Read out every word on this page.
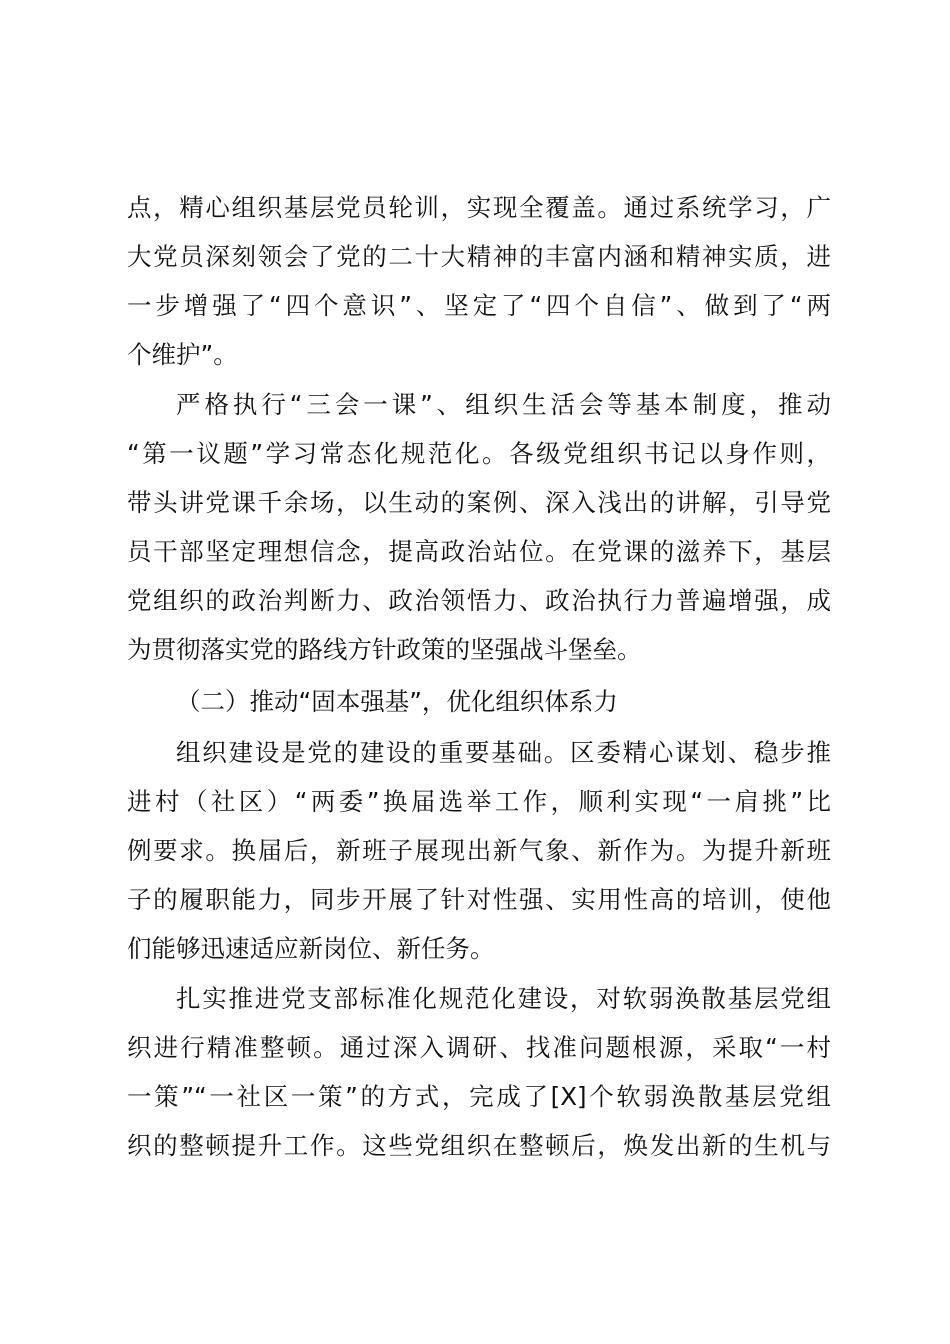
点，精心组织基层党员轮训，实现全覆盖。通过系统学习，广
大党员深刻领会了党的二十大精神的丰富内涵和精神实质，进
一步增强了“四个意识”、坚定了“四个自信”、做到了“两
个维护”。
严格执行“三会一课”、组织生活会等基本制度，推动
“第一议题”学习常态化规范化。各级党组织书记以身作则，
带头讲党课千余场，以生动的案例、深入浅出的讲解，引导党
员干部坚定理想信念，提高政治站位。在党课的滋养下，基层
党组织的政治判断力、政治领悟力、政治执行力普遍增强，成
为贯彻落实党的路线方针政策的坚强战斗堡垒。
（二）推动“固本强基”，优化组织体系力
组织建设是党的建设的重要基础。区委精心谋划、稳步推
进村（社区）“两委”换届选举工作，顺利实现“一肩挑”比
例要求。换届后，新班子展现出新气象、新作为。为提升新班
子的履职能力，同步开展了针对性强、实用性高的培训，使他
们能够迅速适应新岗位、新任务。
扎实推进党支部标准化规范化建设，对软弱涣散基层党组
织进行精准整顿。通过深入调研、找准问题根源，采取“一村
一策”“一社区一策”的方式，完成了[X]个软弱涣散基层党组
织的整顿提升工作。这些党组织在整顿后，焕发出新的生机与
